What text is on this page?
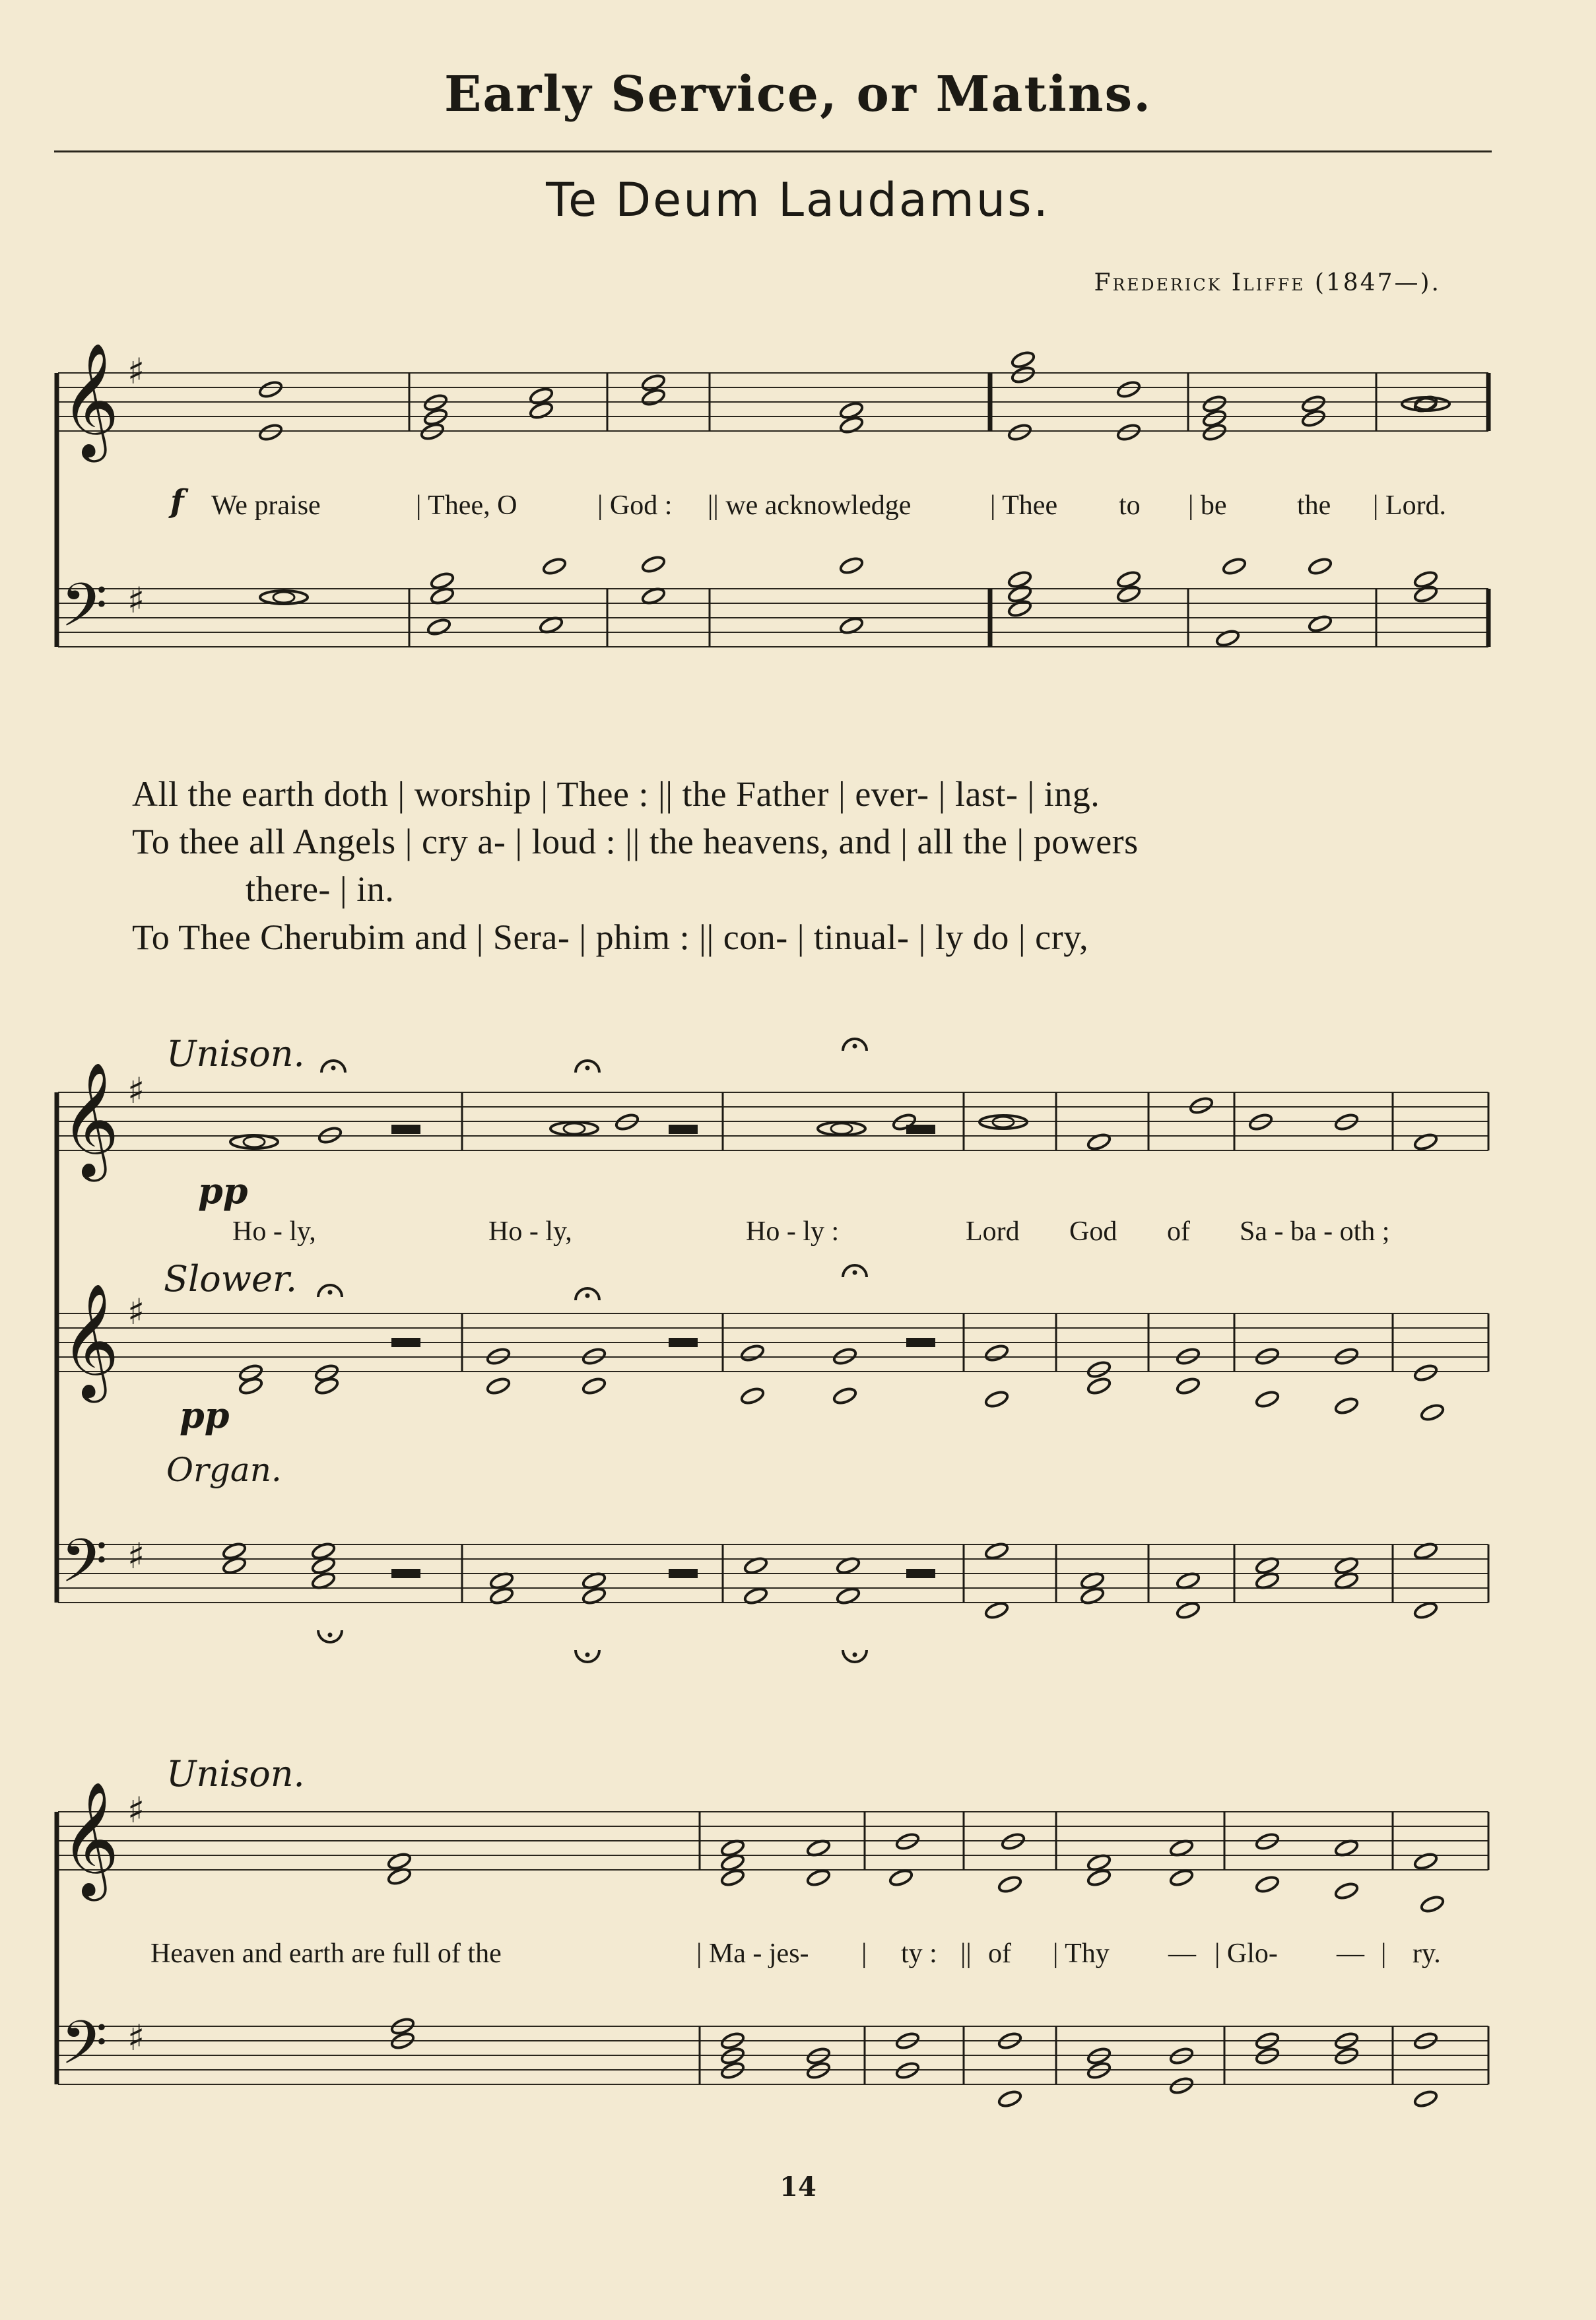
Early Service, or Matins.
Te Deum Laudamus.
Frederick Iliffe (1847—).
𝄞 ♯
𝄢 ♯
𝄞 ♯
𝄞 ♯
𝄢 ♯
𝄞 ♯
𝄢 ♯
f We praise	| Thee, O	| God : || we acknowledge	| Thee to | be	the | Lord.
All the earth doth | worship | Thee : || the Father | ever- | last- | ing.
To thee all Angels | cry a- | loud : || the heavens, and | all the | powers
there- | in.
To Thee Cherubim and | Sera- | phim : || con- | tinual- | ly do | cry,
Unison.
pp
Ho - ly,	Ho - ly,	Ho - ly :	Lord God of Sa - ba - oth ;
Slower.
pp
Organ.
Unison.
Heaven and earth are full of the	| Ma - jes- | ty : || of | Thy — | Glo- — | ry.
14
